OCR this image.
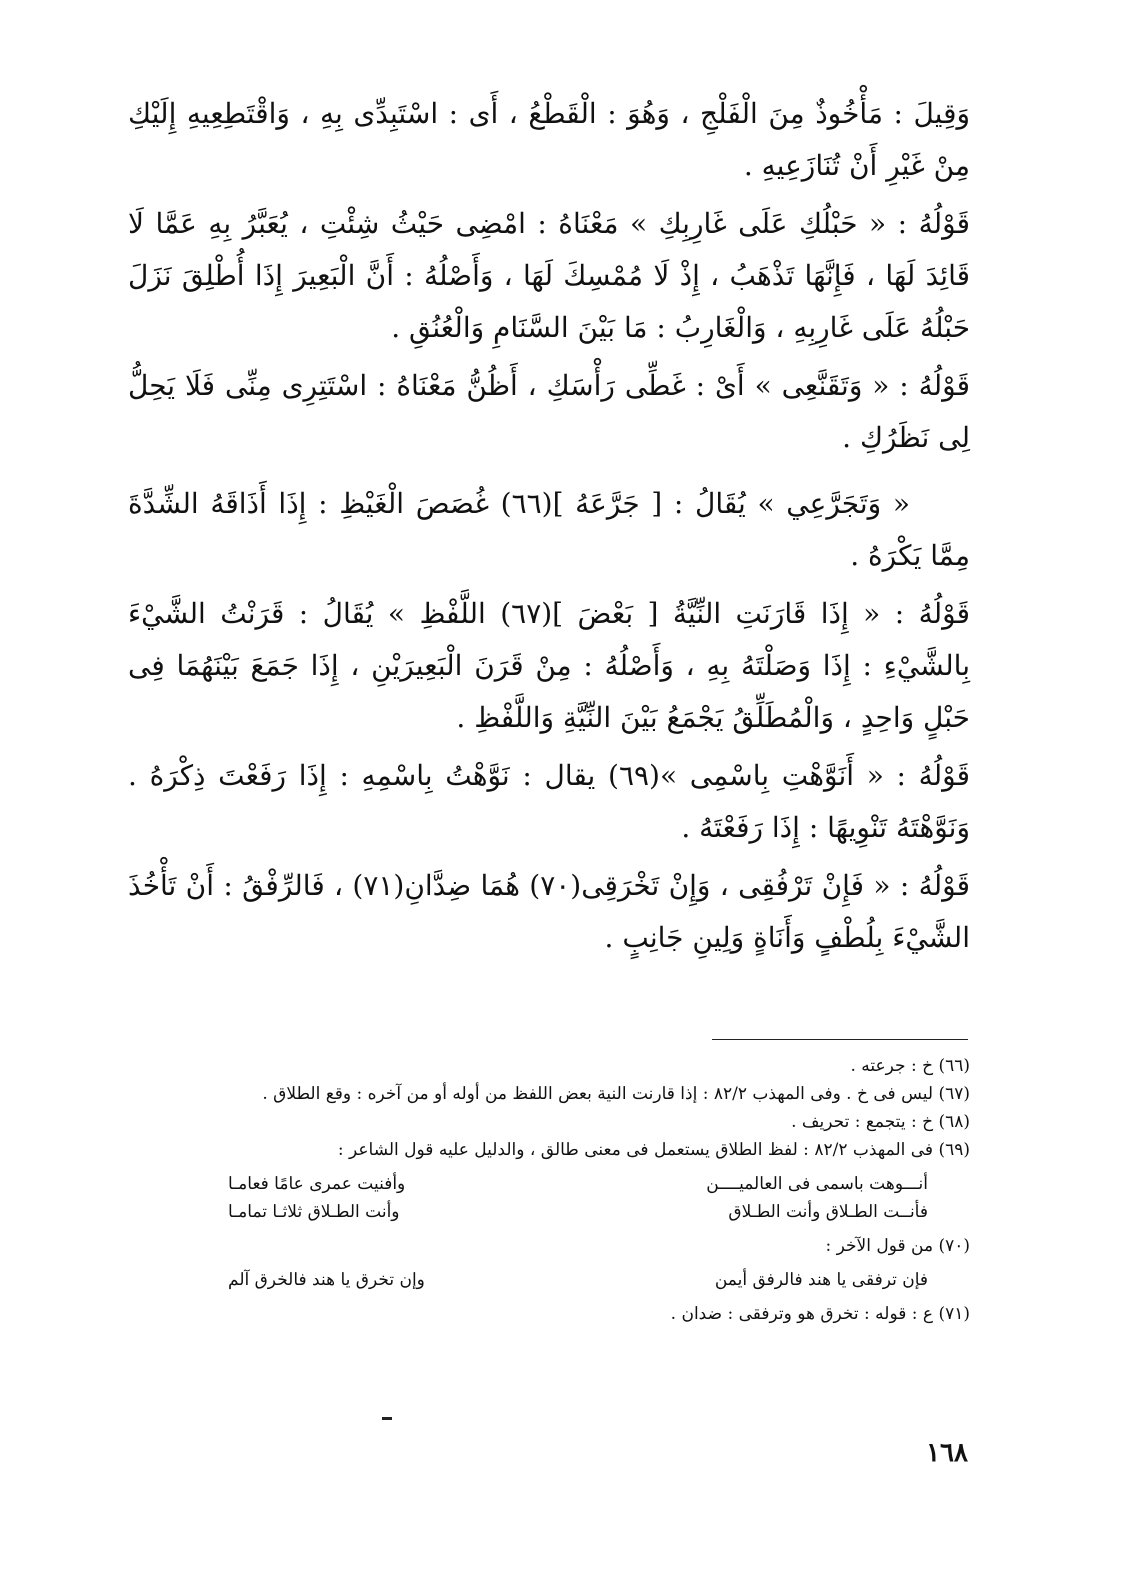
وَقِيلَ : مَأْخُوذٌ مِنَ الْفَلْجِ ، وَهُوَ : الْقَطْعُ ، أَى : اسْتَبِدِّى بِهِ ، وَاقْتَطِعِيهِ إِلَيْكِ مِنْ غَيْرِ أَنْ تُنَازَعِيهِ .

قَوْلُهُ : « حَبْلُكِ عَلَى غَارِبِكِ » مَعْنَاهُ : امْضِى حَيْثُ شِئْتِ ، يُعَبَّرُ بِهِ عَمَّا لَا قَائِدَ لَهَا ، فَإِنَّهَا تَذْهَبُ ، إِذْ لَا مُمْسِكَ لَهَا ، وَأَصْلُهُ : أَنَّ الْبَعِيرَ إِذَا أُطْلِقَ نَزَلَ حَبْلُهُ عَلَى غَارِبِهِ ، وَالْغَارِبُ : مَا بَيْنَ السَّنَامِ وَالْعُنُقِ .

قَوْلُهُ : « وَتَقَنَّعِى » أَىْ : غَطِّى رَأْسَكِ ، أَظُنُّ مَعْنَاهُ : اسْتَتِرِى مِنِّى فَلَا يَحِلُّ لِى نَظَرُكِ .

« وَتَجَرَّعِي » يُقَالُ : [ جَرَّعَهُ ](٦٦) غُصَصَ الْغَيْظِ : إِذَا أَذَاقَهُ الشِّدَّةَ مِمَّا يَكْرَهُ .

قَوْلُهُ : « إِذَا قَارَنَتِ النِّيَّةُ [ بَعْضَ ](٦٧) اللَّفْظِ » يُقَالُ : قَرَنْتُ الشَّيْءَ بِالشَّيْءِ : إِذَا وَصَلْتَهُ بِهِ ، وَأَصْلُهُ : مِنْ قَرَنَ الْبَعِيرَيْنِ ، إِذَا جَمَعَ بَيْنَهُمَا فِى حَبْلٍ وَاحِدٍ ، وَالْمُطَلِّقُ يَجْمَعُ بَيْنَ النِّيَّةِ وَاللَّفْظِ .

قَوْلُهُ : « أَنَوَّهْتِ بِاسْمِى »(٦٩) يقال : نَوَّهْتُ بِاسْمِهِ : إِذَا رَفَعْتَ ذِكْرَهُ . وَنَوَّهْتَهُ تَنْوِيهًا : إِذَا رَفَعْتَهُ .

قَوْلُهُ : « فَإِنْ تَرْفُقِى ، وَإِنْ تَخْرَقِى(٧٠) هُمَا ضِدَّانِ(٧١) ، فَالرِّفْقُ : أَنْ تَأْخُذَ الشَّيْءَ بِلُطْفٍ وَأَنَاةٍ وَلِينِ جَانِبٍ .

(٦٦) خ : جرعته .

(٦٧) ليس فى خ . وفى المهذب ٨٢/٢ : إذا قارنت النية بعض اللفظ من أوله أو من آخره : وقع الطلاق .

(٦٨) خ : يتجمع : تحريف .

(٦٩) فى المهذب ٨٢/٢ : لفظ الطلاق يستعمل فى معنى طالق ، والدليل عليه قول الشاعر :

أنـــوهت باسمى فى العالميــــن
وأفنيت عمرى عامًا فعامـا
فأنــت الطـلاق وأنت الطـلاق
وأنت الطـلاق ثلاثـا تمامـا

(٧٠) من قول الآخر :

فإن ترفقى يا هند فالرفق أيمن
وإن تخرق يا هند فالخرق آلم

(٧١) ع : قوله : تخرق هو وترفقى : ضدان .

١٦٨
